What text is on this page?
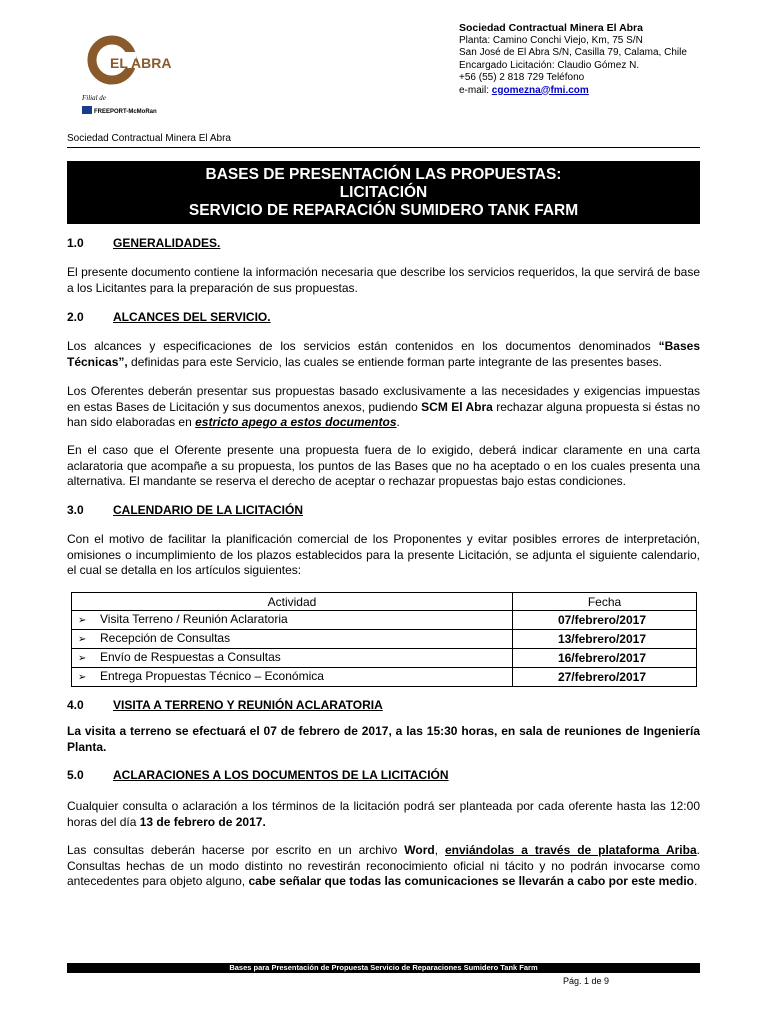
EL ABRA
Filial de
FREEPORT-McMoRan
Sociedad Contractual Minera El Abra
Planta: Camino Conchi Viejo, Km, 75 S/N
San José de El Abra S/N, Casilla 79, Calama, Chile
Encargado Licitación: Claudio Gómez N.
+56 (55) 2 818 729 Teléfono
e-mail: cgomezna@fmi.com
Sociedad Contractual Minera El Abra
BASES DE PRESENTACIÓN LAS PROPUESTAS:
LICITACIÓN
SERVICIO DE REPARACIÓN SUMIDERO TANK FARM
1.0 GENERALIDADES.
El presente documento contiene la información necesaria que describe los servicios requeridos, la que servirá de base a los Licitantes para la preparación de sus propuestas.
2.0 ALCANCES DEL SERVICIO.
Los alcances y especificaciones de los servicios están contenidos en los documentos denominados “Bases Técnicas”, definidas para este Servicio, las cuales se entiende forman parte integrante de las presentes bases.
Los Oferentes deberán presentar sus propuestas basado exclusivamente a las necesidades y exigencias impuestas en estas Bases de Licitación y sus documentos anexos, pudiendo SCM El Abra rechazar alguna propuesta si éstas no han sido elaboradas en estricto apego a estos documentos.
En el caso que el Oferente presente una propuesta fuera de lo exigido, deberá indicar claramente en una carta aclaratoria que acompañe a su propuesta, los puntos de las Bases que no ha aceptado o en los cuales presenta una alternativa. El mandante se reserva el derecho de aceptar o rechazar propuestas bajo estas condiciones.
3.0 CALENDARIO DE LA LICITACIÓN
Con el motivo de facilitar la planificación comercial de los Proponentes y evitar posibles errores de interpretación, omisiones o incumplimiento de los plazos establecidos para la presente Licitación, se adjunta el siguiente calendario, el cual se detalla en los artículos siguientes:
Actividad	Fecha
➢ Visita Terreno / Reunión Aclaratoria	07/febrero/2017
➢ Recepción de Consultas	13/febrero/2017
➢ Envío de Respuestas a Consultas	16/febrero/2017
➢ Entrega Propuestas Técnico – Económica	27/febrero/2017
4.0 VISITA A TERRENO Y REUNIÓN ACLARATORIA
La visita a terreno se efectuará el 07 de febrero de 2017, a las 15:30 horas, en sala de reuniones de Ingeniería Planta.
5.0 ACLARACIONES A LOS DOCUMENTOS DE LA LICITACIÓN
Cualquier consulta o aclaración a los términos de la licitación podrá ser planteada por cada oferente hasta las 12:00 horas del día 13 de febrero de 2017.
Las consultas deberán hacerse por escrito en un archivo Word, enviándolas a través de plataforma Ariba. Consultas hechas de un modo distinto no revestirán reconocimiento oficial ni tácito y no podrán invocarse como antecedentes para objeto alguno, cabe señalar que todas las comunicaciones se llevarán a cabo por este medio.
Bases para Presentación de Propuesta Servicio de Reparaciones Sumidero Tank Farm
Pág. 1 de 9
